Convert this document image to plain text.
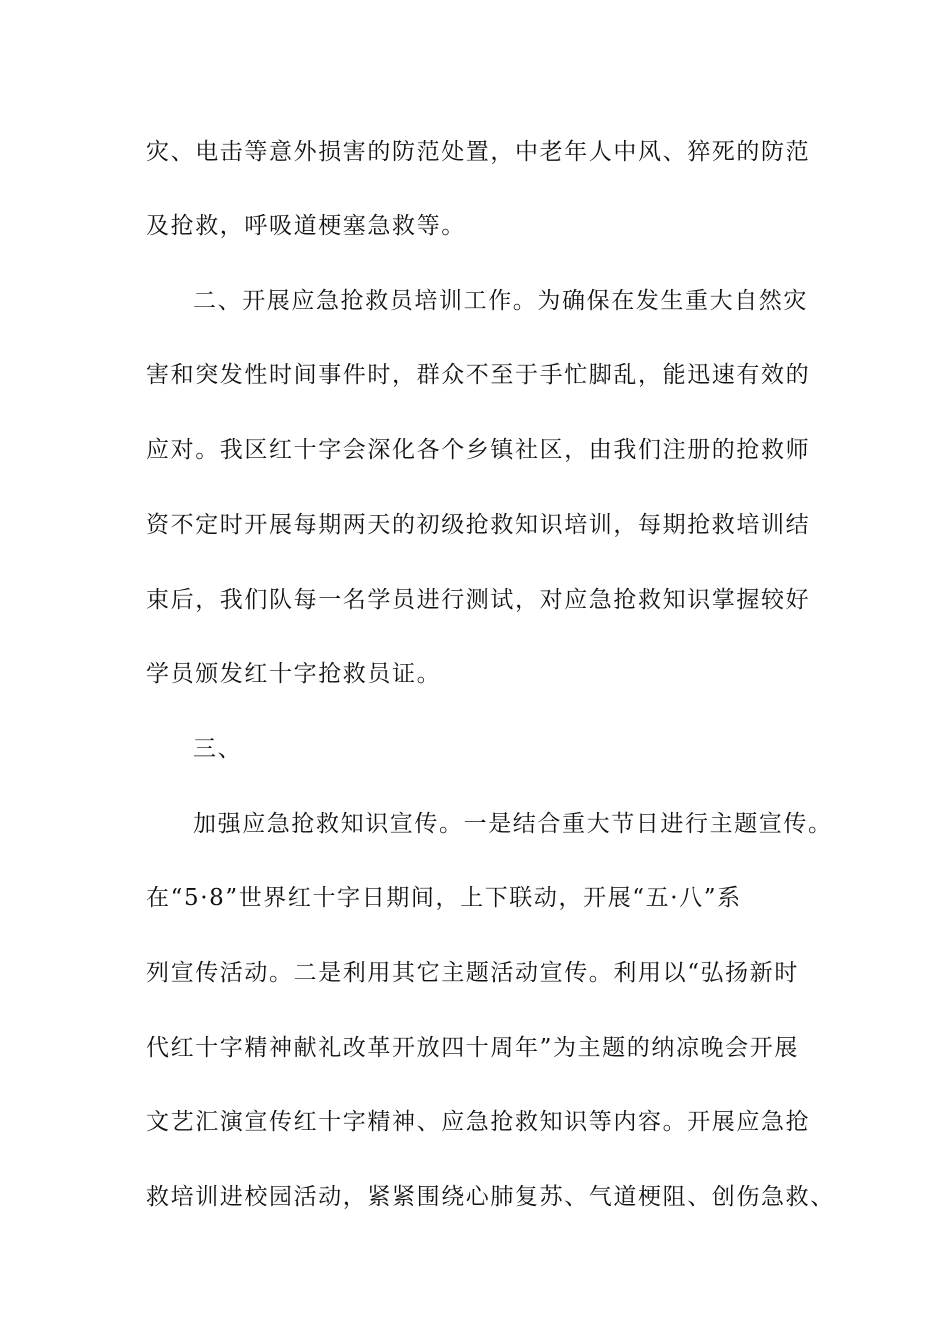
灾、电击等意外损害的防范处置，中老年人中风、猝死的防范
及抢救，呼吸道梗塞急救等。
二、开展应急抢救员培训工作。为确保在发生重大自然灾
害和突发性时间事件时，群众不至于手忙脚乱，能迅速有效的
应对。我区红十字会深化各个乡镇社区，由我们注册的抢救师
资不定时开展每期两天的初级抢救知识培训，每期抢救培训结
束后，我们队每一名学员进行测试，对应急抢救知识掌握较好
学员颁发红十字抢救员证。
三、
加强应急抢救知识宣传。一是结合重大节日进行主题宣传。
在“5·8”世界红十字日期间，上下联动，开展“五·八”系
列宣传活动。二是利用其它主题活动宣传。利用以“弘扬新时
代红十字精神献礼改革开放四十周年”为主题的纳凉晚会开展
文艺汇演宣传红十字精神、应急抢救知识等内容。开展应急抢
救培训进校园活动，紧紧围绕心肺复苏、气道梗阻、创伤急救、
